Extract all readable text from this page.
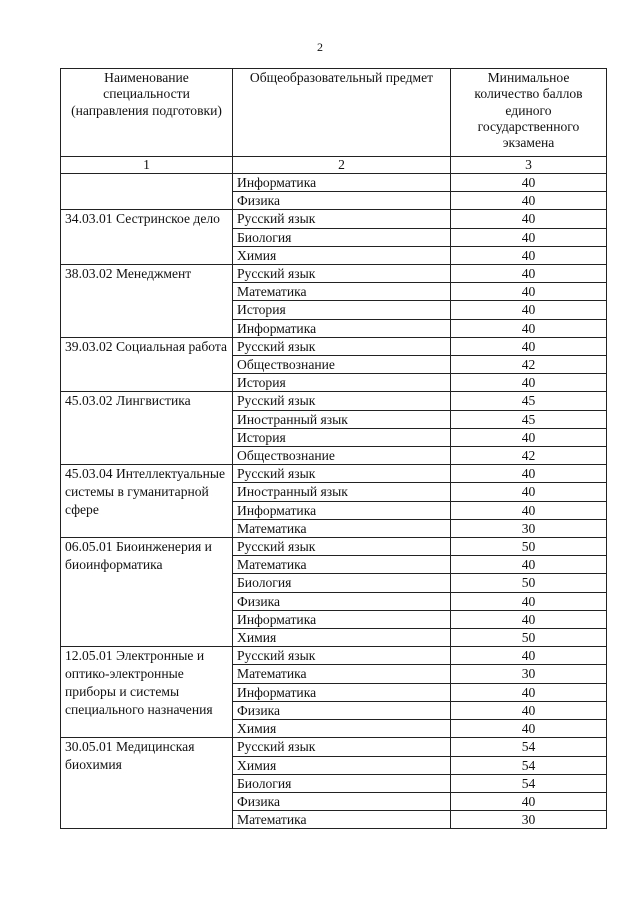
2
Наименование специальности (направления подготовки)	Общеобразовательный предмет	Минимальное количество баллов единого государственного экзамена
1	2	3
	Информатика	40
	Физика	40
34.03.01 Сестринское дело	Русский язык	40
	Биология	40
	Химия	40
38.03.02 Менеджмент	Русский язык	40
	Математика	40
	История	40
	Информатика	40
39.03.02 Социальная работа	Русский язык	40
	Обществознание	42
	История	40
45.03.02 Лингвистика	Русский язык	45
	Иностранный язык	45
	История	40
	Обществознание	42
45.03.04 Интеллектуальные системы в гуманитарной сфере	Русский язык	40
	Иностранный язык	40
	Информатика	40
	Математика	30
06.05.01 Биоинженерия и биоинформатика	Русский язык	50
	Математика	40
	Биология	50
	Физика	40
	Информатика	40
	Химия	50
12.05.01 Электронные и оптико-электронные приборы и системы специального назначения	Русский язык	40
	Математика	30
	Информатика	40
	Физика	40
	Химия	40
30.05.01 Медицинская биохимия	Русский язык	54
	Химия	54
	Биология	54
	Физика	40
	Математика	30
